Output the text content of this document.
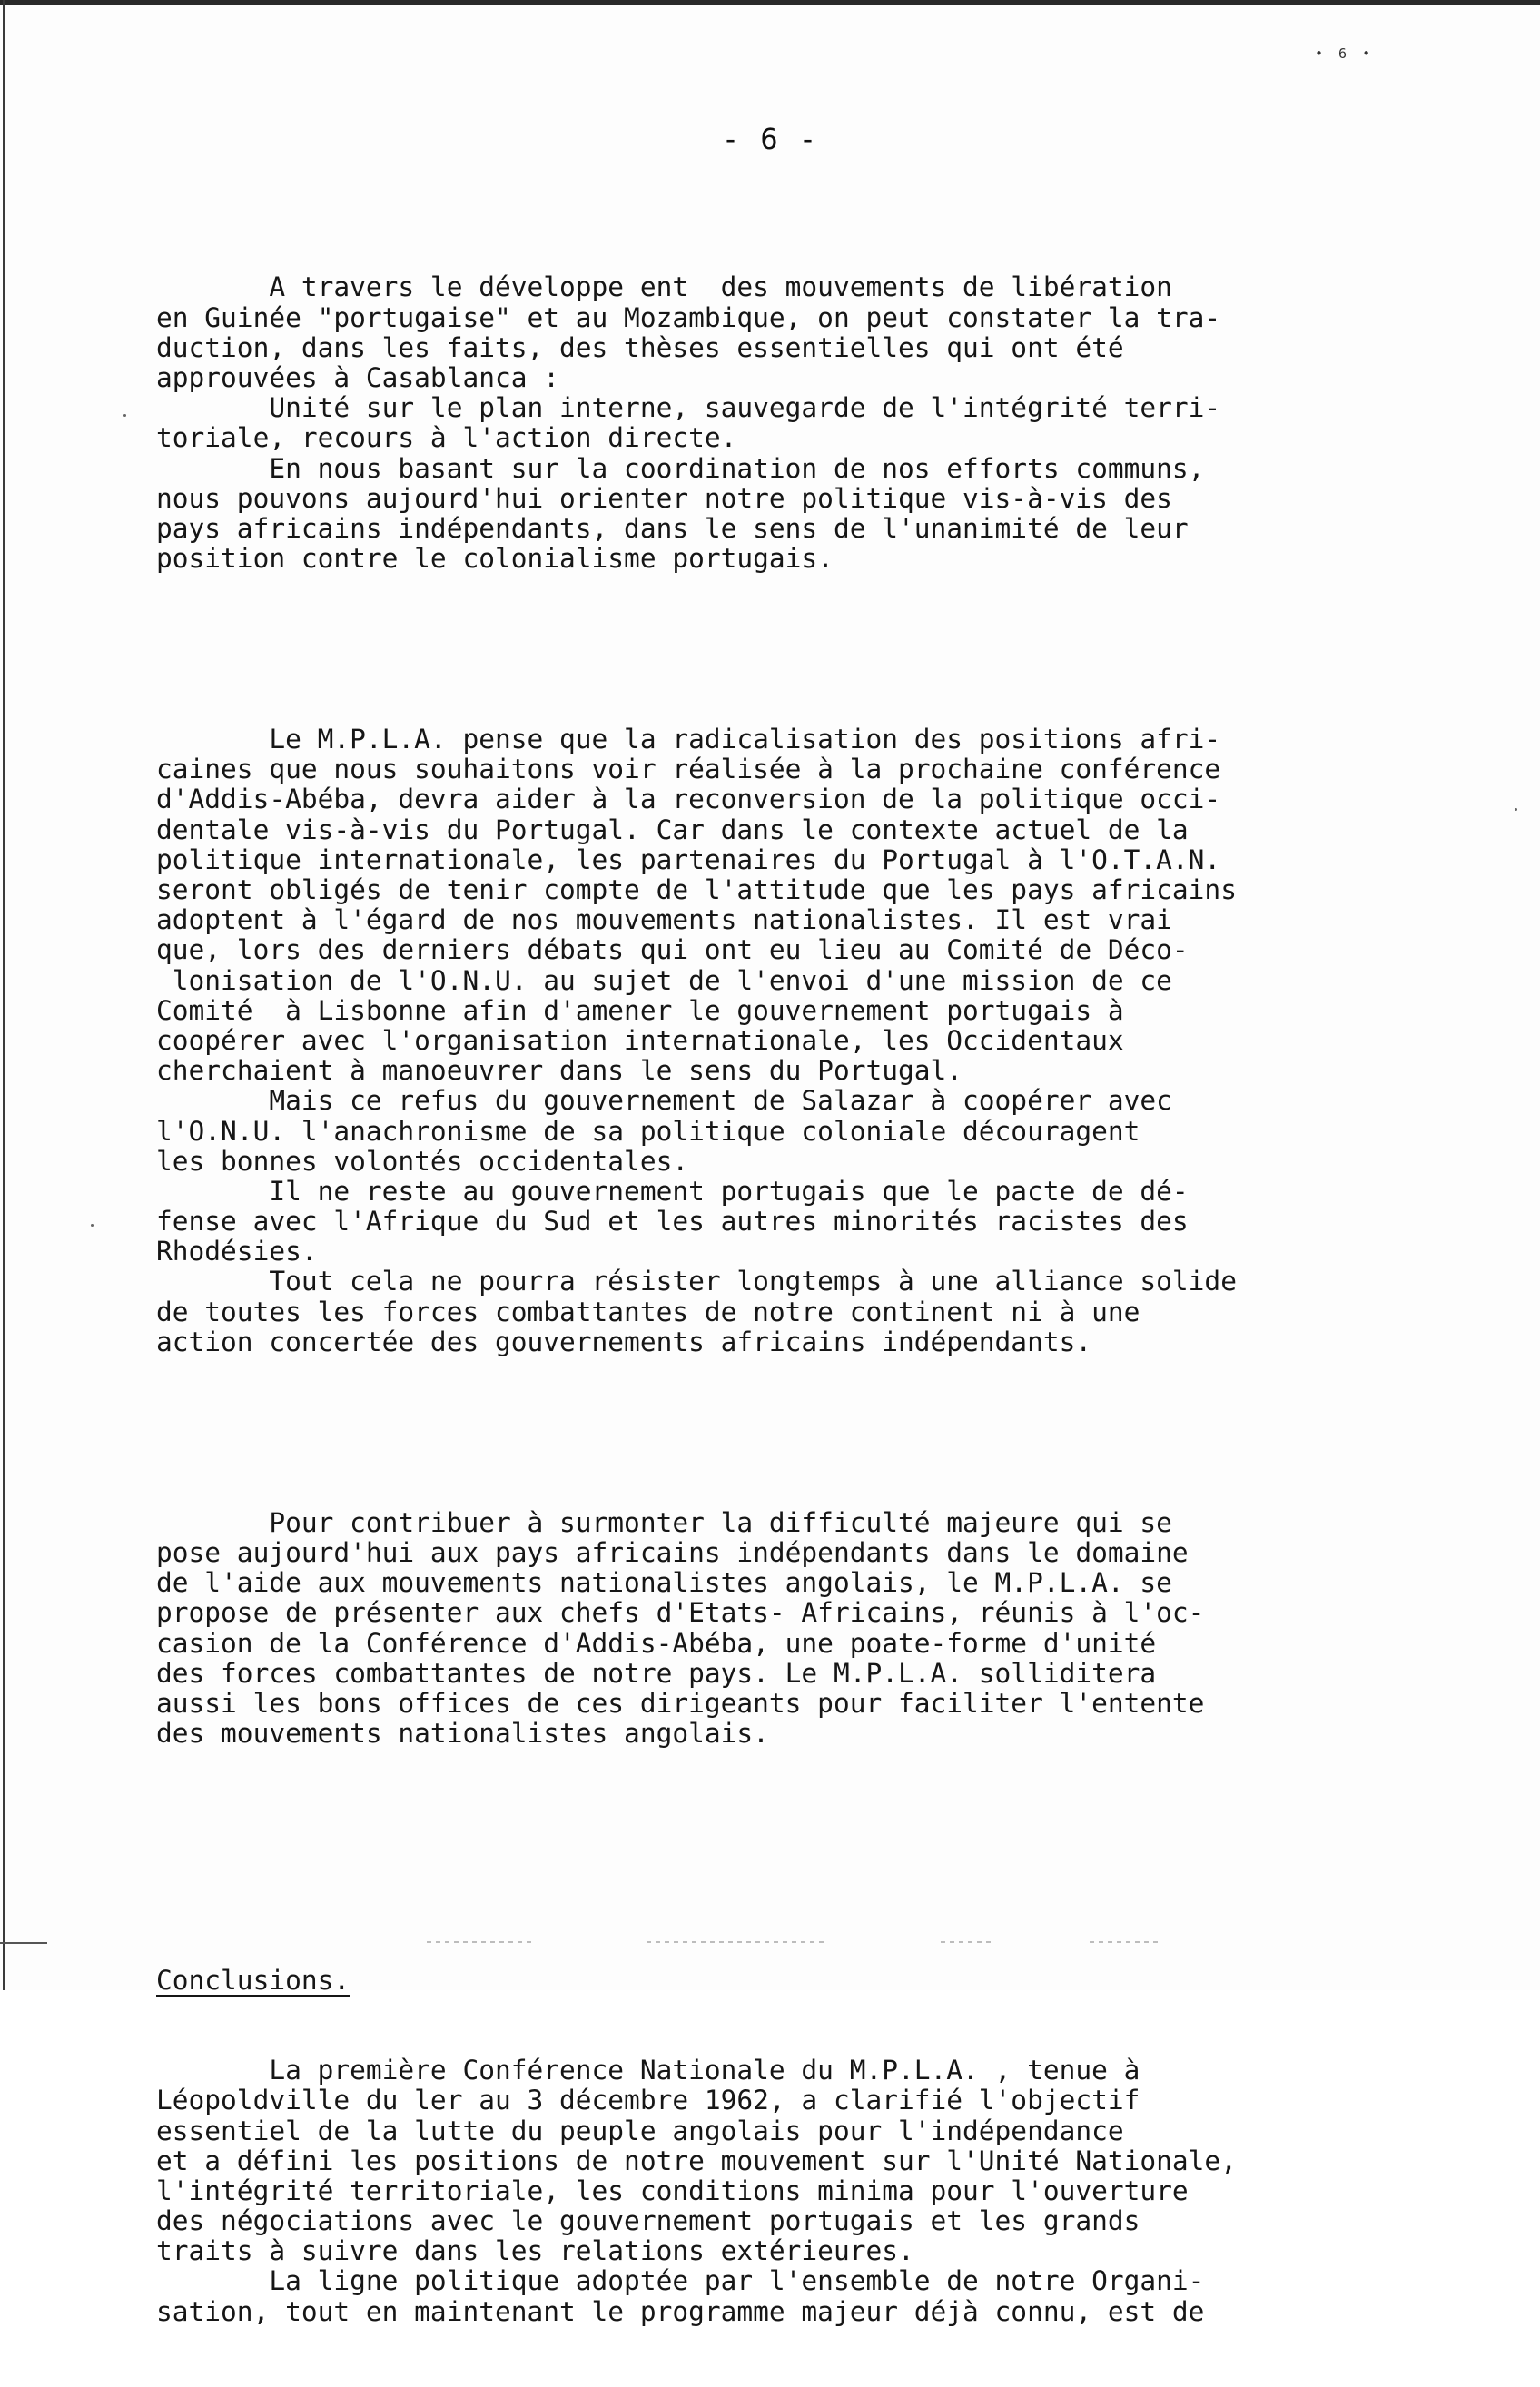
• 6 •
- 6 -

A travers le développe ent  des mouvements de libération
en Guinée "portugaise" et au Mozambique, on peut constater la tra-
duction, dans les faits, des thèses essentielles qui ont été
approuvées à Casablanca :
Unité sur le plan interne, sauvegarde de l'intégrité terri-
toriale, recours à l'action directe.
En nous basant sur la coordination de nos efforts communs,
nous pouvons aujourd'hui orienter notre politique vis-à-vis des
pays africains indépendants, dans le sens de l'unanimité de leur
position contre le colonialisme portugais.

Le M.P.L.A. pense que la radicalisation des positions afri-
caines que nous souhaitons voir réalisée à la prochaine conférence
d'Addis-Abéba, devra aider à la reconversion de la politique occi-
dentale vis-à-vis du Portugal. Car dans le contexte actuel de la
politique internationale, les partenaires du Portugal à l'O.T.A.N.
seront obligés de tenir compte de l'attitude que les pays africains
adoptent à l'égard de nos mouvements nationalistes. Il est vrai
que, lors des derniers débats qui ont eu lieu au Comité de Déco-
lonisation de l'O.N.U. au sujet de l'envoi d'une mission de ce
Comité  à Lisbonne afin d'amener le gouvernement portugais à
coopérer avec l'organisation internationale, les Occidentaux
cherchaient à manoeuvrer dans le sens du Portugal.
Mais ce refus du gouvernement de Salazar à coopérer avec
l'O.N.U. l'anachronisme de sa politique coloniale découragent
les bonnes volontés occidentales.
Il ne reste au gouvernement portugais que le pacte de dé-
fense avec l'Afrique du Sud et les autres minorités racistes des
Rhodésies.
Tout cela ne pourra résister longtemps à une alliance solide
de toutes les forces combattantes de notre continent ni à une
action concertée des gouvernements africains indépendants.

Pour contribuer à surmonter la difficulté majeure qui se
pose aujourd'hui aux pays africains indépendants dans le domaine
de l'aide aux mouvements nationalistes angolais, le M.P.L.A. se
propose de présenter aux chefs d'Etats- Africains, réunis à l'oc-
casion de la Conférence d'Addis-Abéba, une poate-forme d'unité
des forces combattantes de notre pays. Le M.P.L.A. solliditera
aussi les bons offices de ces dirigeants pour faciliter l'entente
des mouvements nationalistes angolais.

Conclusions.

La première Conférence Nationale du M.P.L.A. , tenue à
Léopoldville du ler au 3 décembre 1962, a clarifié l'objectif
essentiel de la lutte du peuple angolais pour l'indépendance
et a défini les positions de notre mouvement sur l'Unité Nationale,
l'intégrité territoriale, les conditions minima pour l'ouverture
des négociations avec le gouvernement portugais et les grands
traits à suivre dans les relations extérieures.
La ligne politique adoptée par l'ensemble de notre Organi-
sation, tout en maintenant le programme majeur déjà connu, est de
